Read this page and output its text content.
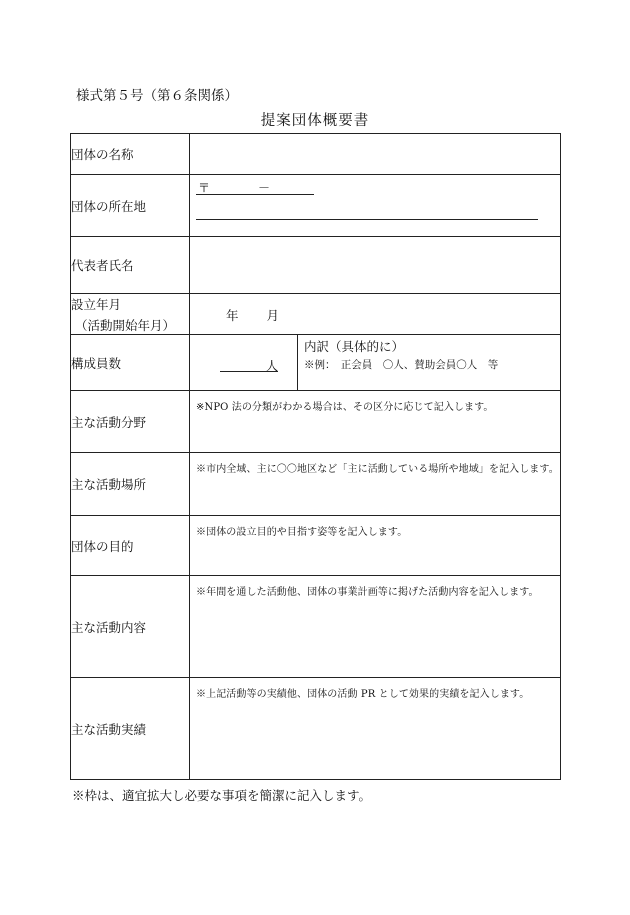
様式第５号（第６条関係）
提案団体概要書
団体の名称	
団体の所在地	〒 －

代表者氏名	
設立年月
（活動開始年月）	年 月

構成員数	人
内訳（具体的に）
※例：　正会員　〇人、賛助会員〇人　等

主な活動分野	※NPO 法の分類がわかる場合は、その区分に応じて記入します。

主な活動場所	※市内全域、主に〇〇地区など「主に活動している場所や地域」を記入します。

団体の目的	※団体の設立目的や目指す姿等を記入します。

主な活動内容	※年間を通した活動他、団体の事業計画等に掲げた活動内容を記入します。

主な活動実績	※上記活動等の実績他、団体の活動 PR として効果的実績を記入します。
※枠は、適宜拡大し必要な事項を簡潔に記入します。
